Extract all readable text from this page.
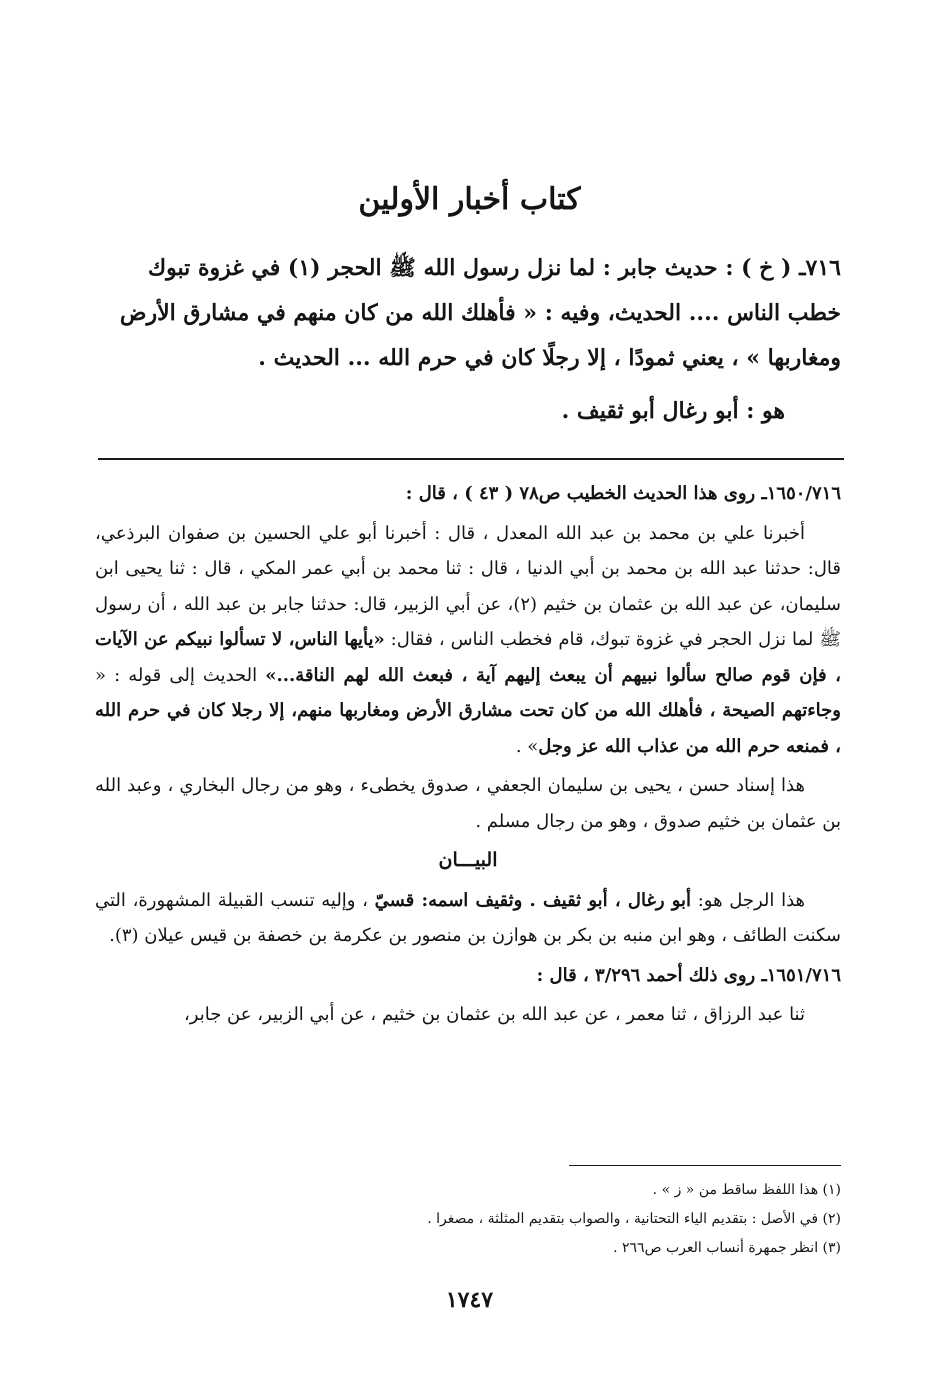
كتاب أخبار الأولين

٧١٦ـ ( خ ) : حديث جابر : لما نزل رسول الله ﷺ الحجر (١) في غزوة تبوك

خطب الناس .... الحديث، وفيه : « فأهلك الله من كان منهم في مشارق الأرض

ومغاربها » ، يعني ثمودًا ، إلا رجلًا كان في حرم الله ... الحديث .

هو : أبو رغال أبو ثقيف .

١٦٥٠/٧١٦ـ روى هذا الحديث الخطيب ص٧٨ ( ٤٣ ) ، قال :

أخبرنا علي بن محمد بن عبد الله المعدل ، قال : أخبرنا أبو علي الحسين بن صفوان البرذعي، قال: حدثنا عبد الله بن محمد بن أبي الدنيا ، قال : ثنا محمد بن أبي عمر المكي ، قال : ثنا يحيى ابن سليمان، عن عبد الله بن عثمان بن خثيم (٢)، عن أبي الزبير، قال: حدثنا جابر بن عبد الله ، أن رسول ﷺ لما نزل الحجر في غزوة تبوك، قام فخطب الناس ، فقال: «يأيها الناس، لا تسألوا نبيكم عن الآيات ، فإن قوم صالح سألوا نبيهم أن يبعث إليهم آية ، فبعث الله لهم الناقة...» الحديث إلى قوله : « وجاءتهم الصيحة ، فأهلك الله من كان تحت مشارق الأرض ومغاربها منهم، إلا رجلا كان في حرم الله ، فمنعه حرم الله من عذاب الله عز وجل» .

هذا إسناد حسن ، يحيى بن سليمان الجعفي ، صدوق يخطىء ، وهو من رجال البخاري ، وعبد الله بن عثمان بن خثيم صدوق ، وهو من رجال مسلم .

البيـــان

هذا الرجل هو: أبو رغال ، أبو ثقيف . وثقيف اسمه: قسيّ ، وإليه تنسب القبيلة المشهورة، التي سكنت الطائف ، وهو ابن منبه بن بكر بن هوازن بن منصور بن عكرمة بن خصفة بن قيس عيلان (٣).

١٦٥١/٧١٦ـ روى ذلك أحمد ٣/٢٩٦ ، قال :

ثنا عبد الرزاق ، ثنا معمر ، عن عبد الله بن عثمان بن خثيم ، عن أبي الزبير، عن جابر،

(١) هذا اللفظ ساقط من « ز » .
(٢) في الأصل : بتقديم الياء التحتانية ، والصواب بتقديم المثلثة ، مصغرا .
(٣) انظر جمهرة أنساب العرب ص٢٦٦ .
١٧٤٧
